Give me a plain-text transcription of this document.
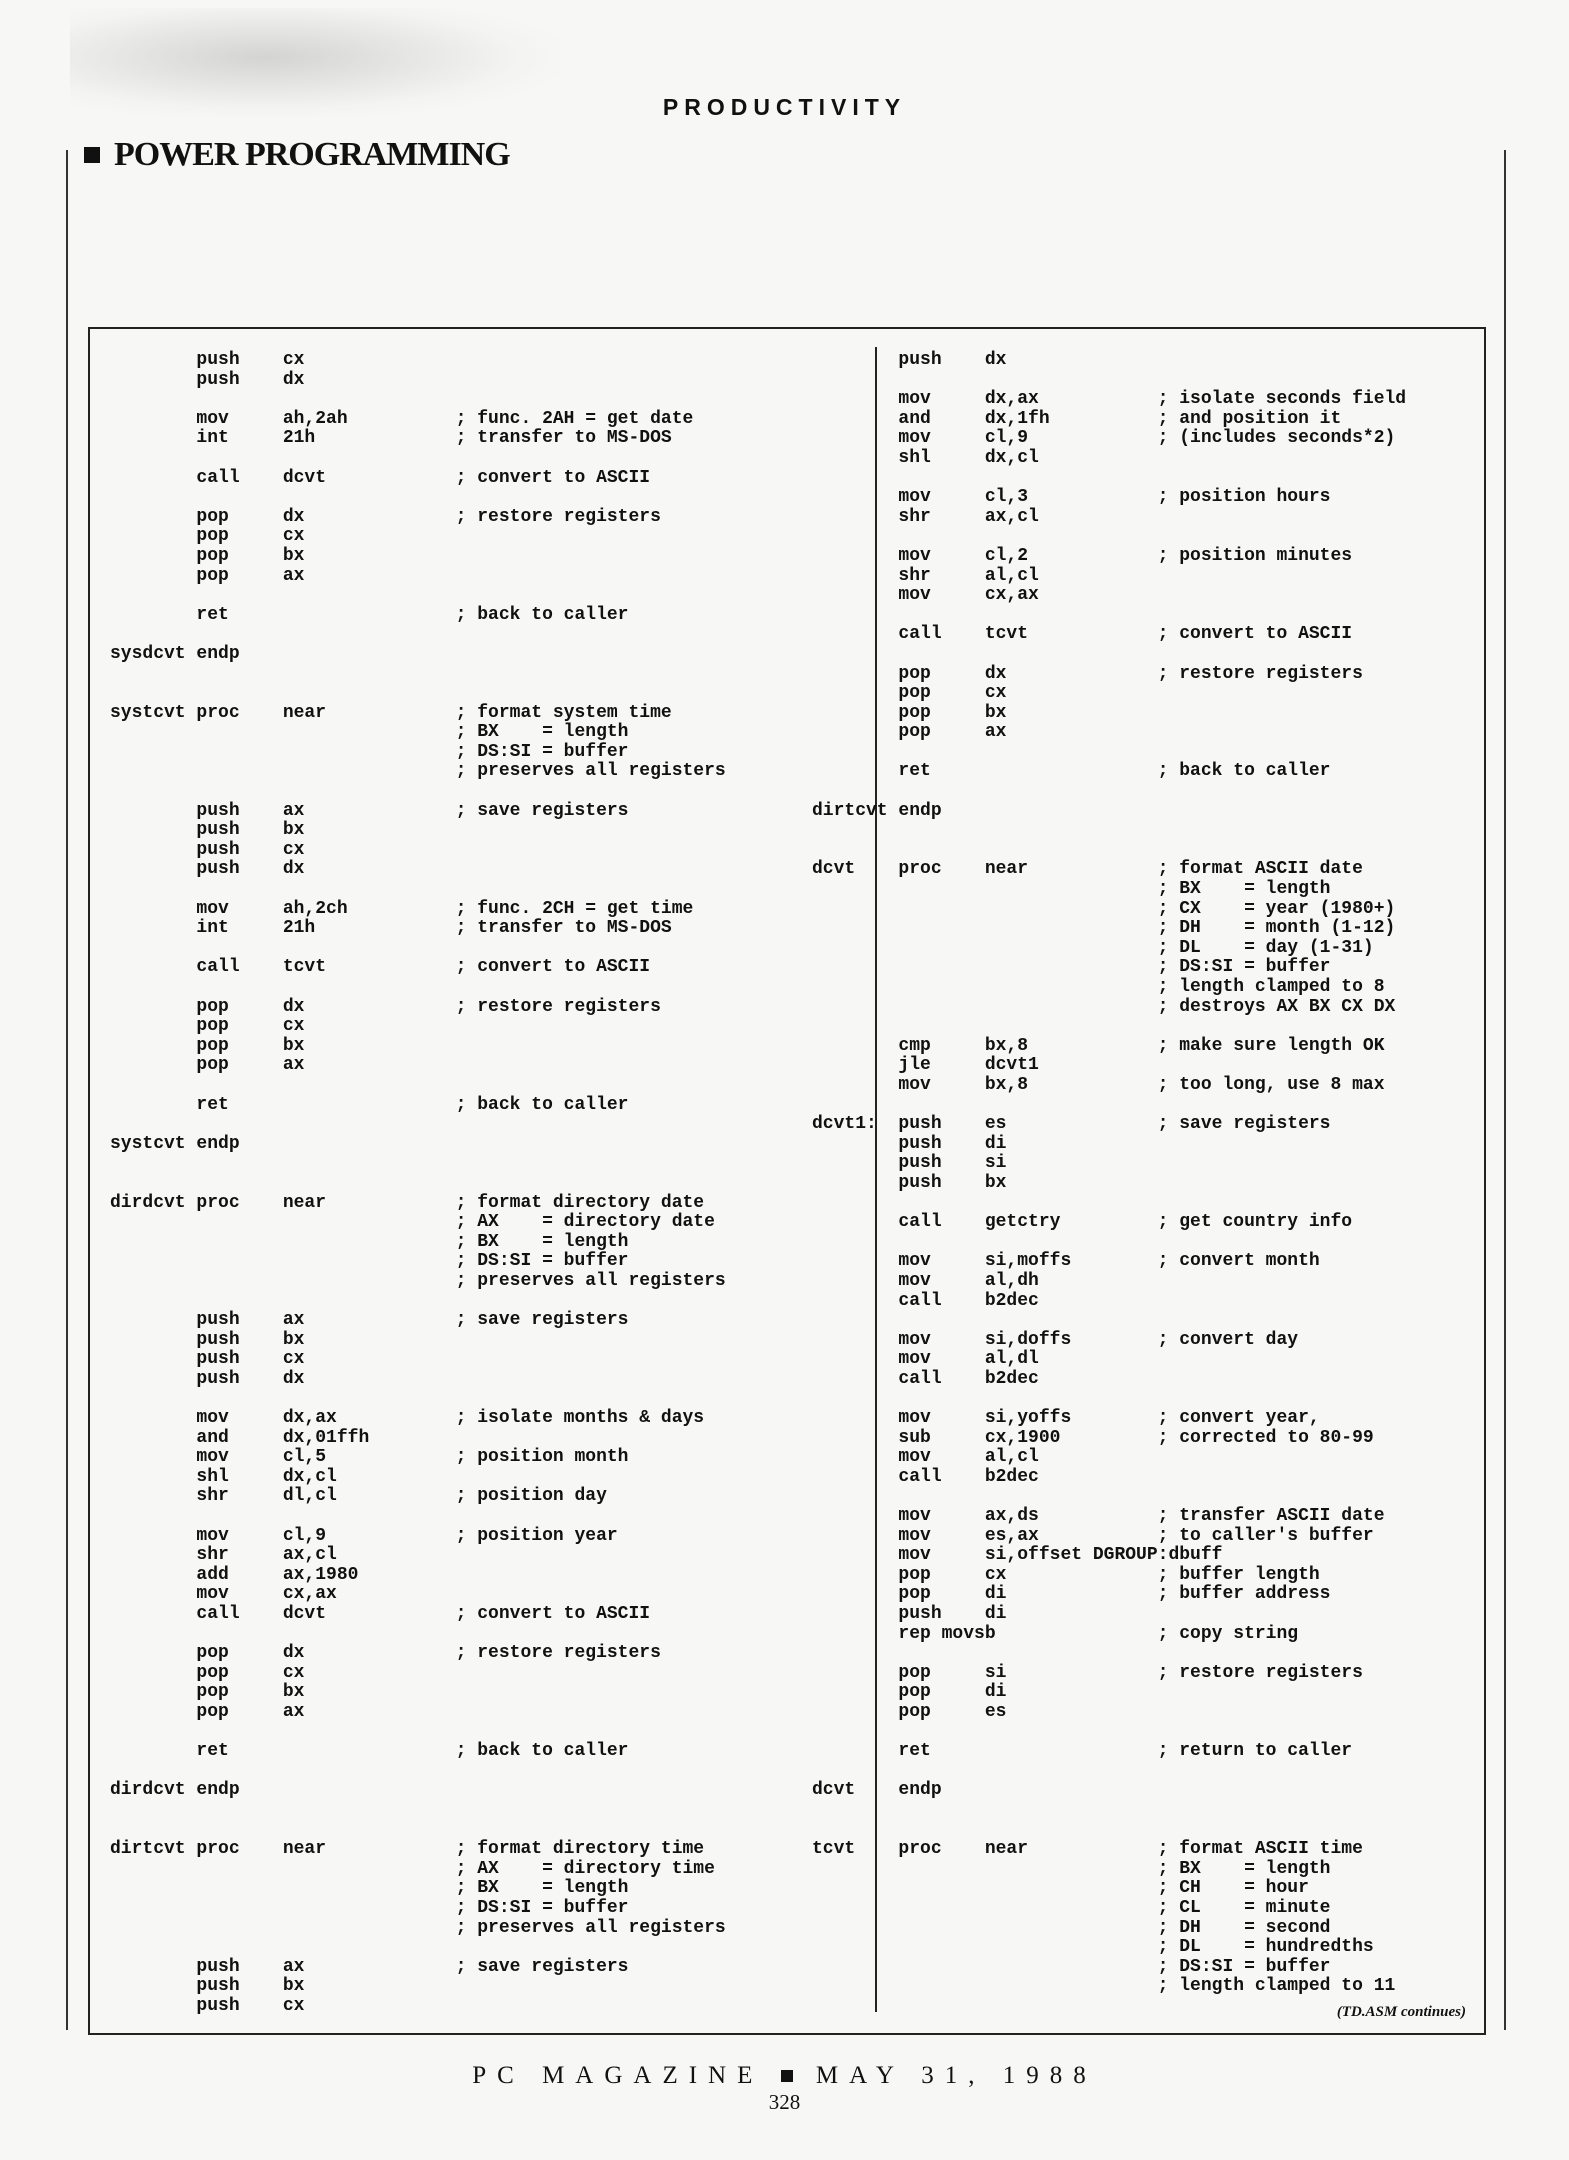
PRODUCTIVITY
POWER PROGRAMMING
push    cx
push    dx
mov     ah,2ah          ; func. 2AH = get date
int     21h             ; transfer to MS-DOS
call    dcvt            ; convert to ASCII
pop     dx              ; restore registers
pop     cx
pop     bx
pop     ax
ret                     ; back to caller
sysdcvt endp
systcvt proc    near            ; format system time
; BX    = length
; DS:SI = buffer
; preserves all registers
push    ax              ; save registers
push    bx
push    cx
push    dx
mov     ah,2ch          ; func. 2CH = get time
int     21h             ; transfer to MS-DOS
call    tcvt            ; convert to ASCII
pop     dx              ; restore registers
pop     cx
pop     bx
pop     ax
ret                     ; back to caller
systcvt endp
dirdcvt proc    near            ; format directory date
; AX    = directory date
; BX    = length
; DS:SI = buffer
; preserves all registers
push    ax              ; save registers
push    bx
push    cx
push    dx
mov     dx,ax           ; isolate months & days
and     dx,01ffh
mov     cl,5            ; position month
shl     dx,cl
shr     dl,cl           ; position day
mov     cl,9            ; position year
shr     ax,cl
add     ax,1980
mov     cx,ax
call    dcvt            ; convert to ASCII
pop     dx              ; restore registers
pop     cx
pop     bx
pop     ax
ret                     ; back to caller
dirdcvt endp
dirtcvt proc    near            ; format directory time
; AX    = directory time
; BX    = length
; DS:SI = buffer
; preserves all registers
push    ax              ; save registers
push    bx
push    cx
push    dx
mov     dx,ax           ; isolate seconds field
and     dx,1fh          ; and position it
mov     cl,9            ; (includes seconds*2)
shl     dx,cl
mov     cl,3            ; position hours
shr     ax,cl
mov     cl,2            ; position minutes
shr     al,cl
mov     cx,ax
call    tcvt            ; convert to ASCII
pop     dx              ; restore registers
pop     cx
pop     bx
pop     ax
ret                     ; back to caller
dirtcvt endp
dcvt    proc    near            ; format ASCII date
; BX    = length
; CX    = year (1980+)
; DH    = month (1-12)
; DL    = day (1-31)
; DS:SI = buffer
; length clamped to 8
; destroys AX BX CX DX
cmp     bx,8            ; make sure length OK
jle     dcvt1
mov     bx,8            ; too long, use 8 max
dcvt1:  push    es              ; save registers
push    di
push    si
push    bx
call    getctry         ; get country info
mov     si,moffs        ; convert month
mov     al,dh
call    b2dec
mov     si,doffs        ; convert day
mov     al,dl
call    b2dec
mov     si,yoffs        ; convert year,
sub     cx,1900         ; corrected to 80-99
mov     al,cl
call    b2dec
mov     ax,ds           ; transfer ASCII date
mov     es,ax           ; to caller's buffer
mov     si,offset DGROUP:dbuff
pop     cx              ; buffer length
pop     di              ; buffer address
push    di
rep movsb               ; copy string
pop     si              ; restore registers
pop     di
pop     es
ret                     ; return to caller
dcvt    endp
tcvt    proc    near            ; format ASCII time
; BX    = length
; CH    = hour
; CL    = minute
; DH    = second
; DL    = hundredths
; DS:SI = buffer
; length clamped to 11
(TD.ASM continues)
PC MAGAZINE MAY 31, 1988
328
